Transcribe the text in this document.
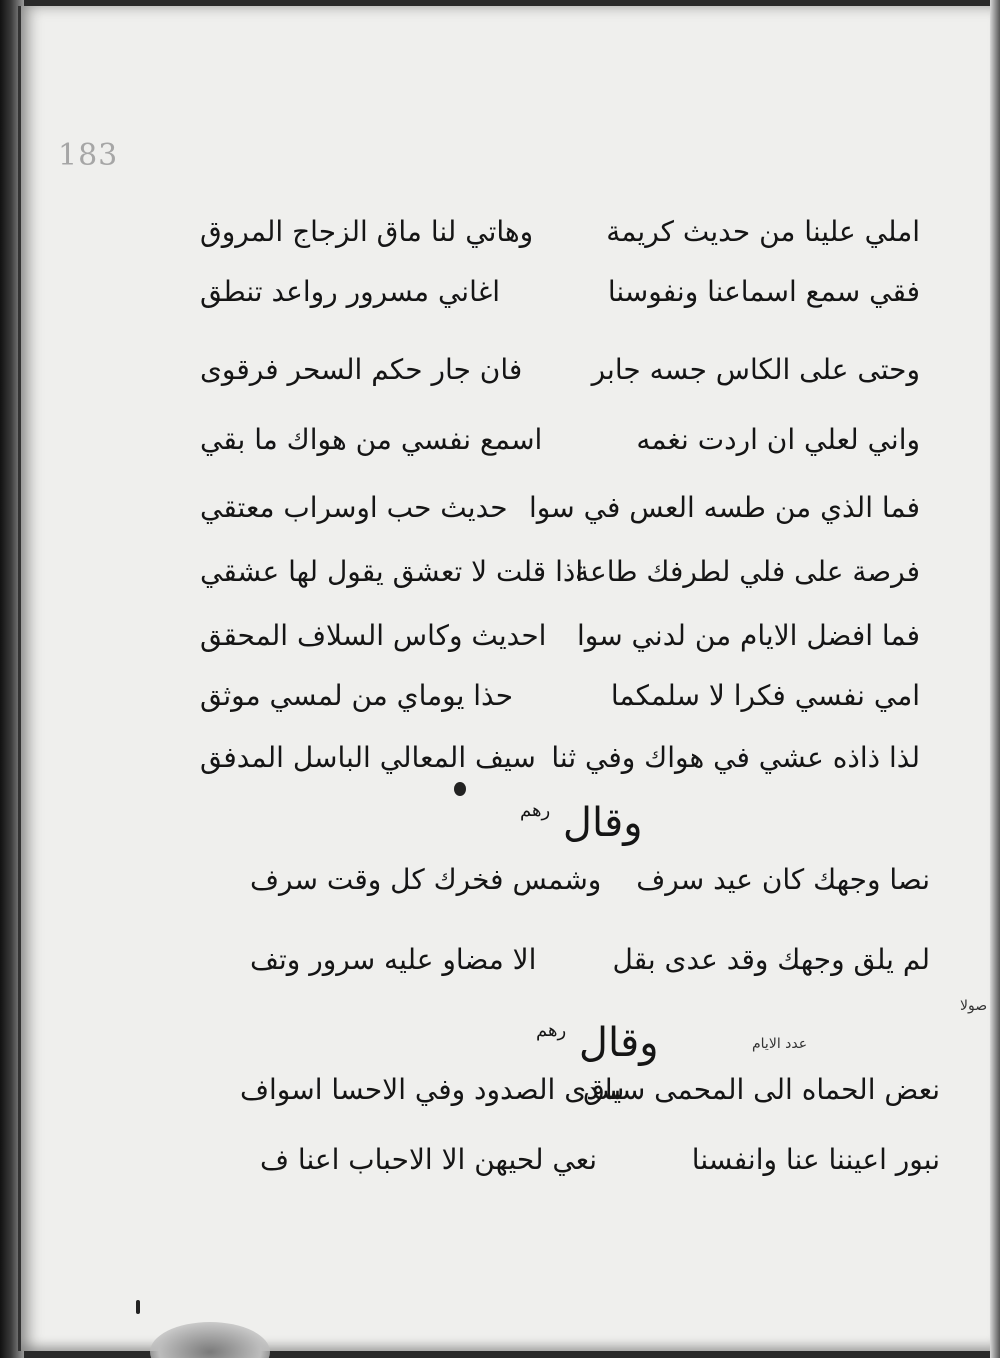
183
املي علينا من حديث كريمة
وهاتي لنا ماق الزجاج المروق
فقي سمع اسماعنا ونفوسنا
اغاني مسرور رواعد تنطق
وحتى على الكاس جسه جابر
فان جار حكم السحر فرقوى
واني لعلي ان اردت نغمه
اسمع نفسي من هواك ما بقي
فما الذي من طسه العس في سوا
حديث حب اوسراب معتقي
فرصة على فلي لطرفك طاعة
اذا قلت لا تعشق يقول لها عشقي
فما افضل الايام من لدني سوا
احديث وكاس السلاف المحقق
امي نفسي فكرا لا سلمكما
حذا يوماي من لمسي موثق
لذا ذاذه عشي في هواك وفي ثنا
سيف المعالي الباسل المدفق
وقال $^{رهم}$
نصا وجهك كان عيد سرف
وشمس فخرك كل وقت سرف
لم يلق وجهك وقد عدى بقل
الا مضاو عليه سرور وتف
صولا
وقال $^{رهم}$
عدد الايام
نعض الحماه الى المحمى سياق
سدى الصدود وفي الاحسا اسواف
نبور اعيننا عنا وانفسنا
نعي لحيهن الا الاحباب اعنا ف
